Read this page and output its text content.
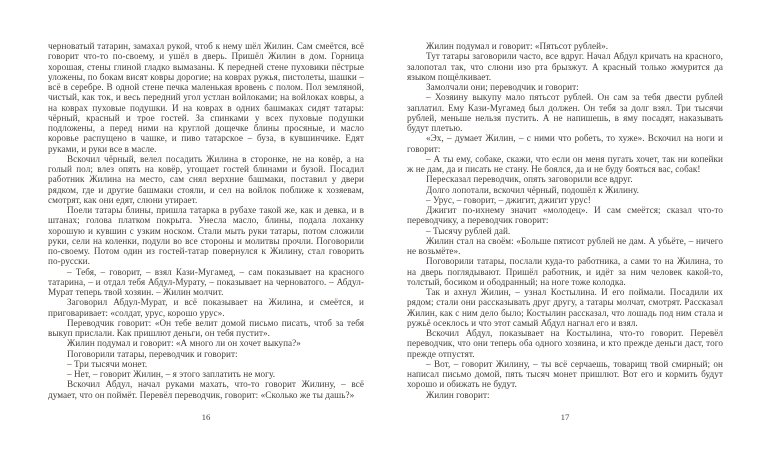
черноватый татарин, замахал рукой, чтоб к нему шёл Жилин. Сам смеётся, всё говорит что-то по-своему, и ушёл в дверь. Пришёл Жилин в дом. Горница хорошая, стены глиной гладко вымазаны. К передней стене пуховики пёстрые уложены, по бокам висят ковры дорогие; на коврах ружья, пистолеты, шашки – всё в серебре. В одной стене печка маленькая вровень с полом. Пол земляной, чистый, как ток, и весь передний угол устлан войлоками; на войлоках ковры, а на коврах пуховые подушки. И на коврах в одних башмаках сидят татары: чёрный, красный и трое гостей. За спинками у всех пуховые подушки подложены, а перед ними на круглой дощечке блины просяные, и масло коровье распущено в чашке, и пиво татарское – буза, в кувшинчике. Едят руками, и руки все в масле.

Вскочил чёрный, велел посадить Жилина в сторонке, не на ковёр, а на голый пол; влез опять на ковёр, угощает гостей блинами и бузой. Посадил работник Жилина на место, сам снял верхние башмаки, поставил у двери рядком, где и другие башмаки стояли, и сел на войлок поближе к хозяевам, смотрят, как они едят, слюни утирает.

Поели татары блины, пришла татарка в рубахе такой же, как и девка, и в штанах; голова платком покрыта. Унесла масло, блины, подала лоханку хорошую и кувшин с узким носком. Стали мыть руки татары, потом сложили руки, сели на коленки, подули во все стороны и молитвы прочли. Поговорили по-своему. Потом один из гостей-татар повернулся к Жилину, стал говорить по-русски.

– Тебя, – говорит, – взял Кази-Мугамед, – сам показывает на красного татарина, – и отдал тебя Абдул-Мурату, – показывает на черноватого. – Абдул-Мурат теперь твой хозяин. – Жилин молчит.

Заговорил Абдул-Мурат, и всё показывает на Жилина, и смеётся, и приговаривает: «солдат, урус, корошо урус».

Переводчик говорит: «Он тебе велит домой письмо писать, чтоб за тебя выкуп прислали. Как пришлют деньги, он тебя пустит».

Жилин подумал и говорит: «А много ли он хочет выкупа?»

Поговорили татары, переводчик и говорит:

– Три тысячи монет.

– Нет, – говорит Жилин, – я этого заплатить не могу.

Вскочил Абдул, начал руками махать, что-то говорит Жилину, – всё думает, что он поймёт. Перевёл переводчик, говорит: «Сколько же ты дашь?»

16

Жилин подумал и говорит: «Пятьсот рублей».

Тут татары заговорили часто, все вдруг. Начал Абдул кричать на красного, залопотал так, что слюни изо рта брызжут. А красный только жмурится да языком пощёлкивает.

Замолчали они; переводчик и говорит:

– Хозяину выкупу мало пятьсот рублей. Он сам за тебя двести рублей заплатил. Ему Кази-Мугамед был должен. Он тебя за долг взял. Три тысячи рублей, меньше нельзя пустить. А не напишешь, в яму посадят, наказывать будут плетью.

«Эх, – думает Жилин, – с ними что робеть, то хуже». Вскочил на ноги и говорит:

– А ты ему, собаке, скажи, что если он меня пугать хочет, так ни копейки ж не дам, да и писать не стану. Не боялся, да и не буду бояться вас, собак!

Пересказал переводчик, опять заговорили все вдруг.

Долго лопотали, вскочил чёрный, подошёл к Жилину.

– Урус, – говорит, – джигит, джигит урус!

Джигит по-ихнему значит «молодец». И сам смеётся; сказал что-то переводчику, а переводчик говорит:

– Тысячу рублей дай.

Жилин стал на своём: «Больше пятисот рублей не дам. А убьёте, – ничего не возьмёте».

Поговорили татары, послали куда-то работника, а сами то на Жилина, то на дверь поглядывают. Пришёл работник, и идёт за ним человек какой-то, толстый, босиком и ободранный; на ноге тоже колодка.

Так и ахнул Жилин, – узнал Костылина. И его поймали. Посадили их рядом; стали они рассказывать друг другу, а татары молчат, смотрят. Рассказал Жилин, как с ним дело было; Костылин рассказал, что лошадь под ним стала и ружьё осеклось и что этот самый Абдул нагнал его и взял.

Вскочил Абдул, показывает на Костылина, что-то говорит. Перевёл переводчик, что они теперь оба одного хозяина, и кто прежде деньги даст, того прежде отпустят.

– Вот, – говорит Жилину, – ты всё серчаешь, товарищ твой смирный; он написал письмо домой, пять тысяч монет пришлют. Вот его и кормить будут хорошо и обижать не будут.

Жилин говорит:

17
